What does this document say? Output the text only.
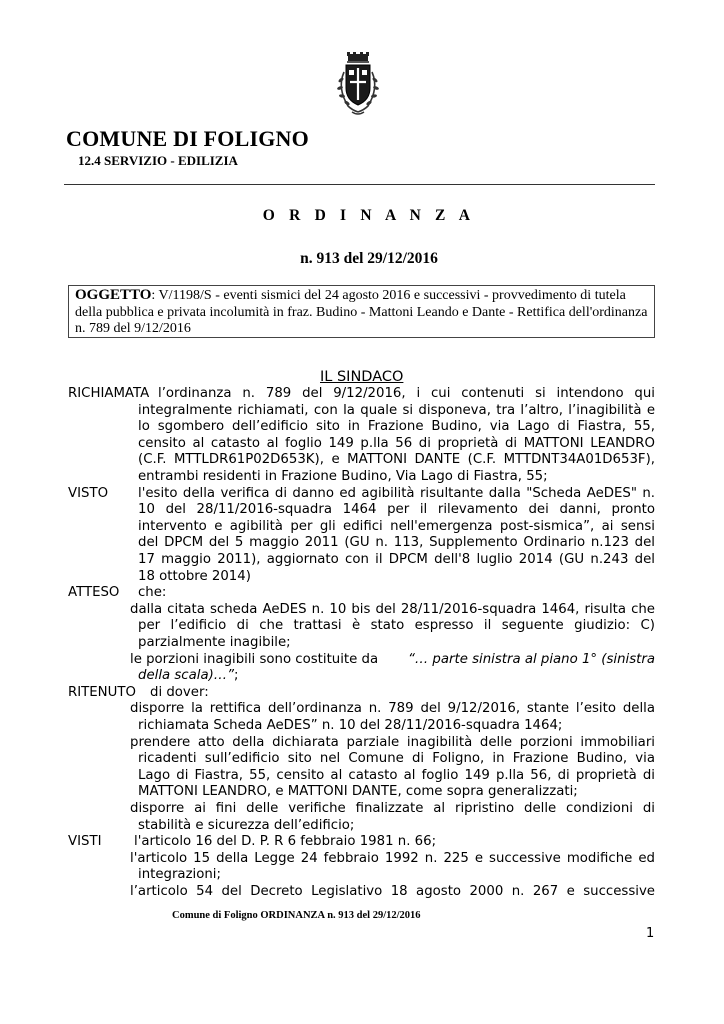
COMUNE DI FOLIGNO
12.4 SERVIZIO - EDILIZIA
O R D I N A N Z A
n. 913 del 29/12/2016
OGGETTO: V/1198/S - eventi sismici del 24 agosto 2016 e successivi - provvedimento di tutela della pubblica e privata incolumità in fraz. Budino - Mattoni Leando e Dante - Rettifica dell'ordinanza n. 789 del 9/12/2016
IL SINDACO
RICHIAMATA l’ordinanza n. 789 del 9/12/2016, i cui contenuti si intendono qui
integralmente richiamati, con la quale si disponeva, tra l’altro, l’inagibilità e
lo sgombero dell’edificio sito in Frazione Budino, via Lago di Fiastra, 55,
censito al catasto al foglio 149 p.lla 56 di proprietà di MATTONI LEANDRO
(C.F. MTTLDR61P02D653K), e MATTONI DANTE (C.F. MTTDNT34A01D653F),
entrambi residenti in Frazione Budino, Via Lago di Fiastra, 55;
VISTO l'esito della verifica di danno ed agibilità risultante dalla "Scheda AeDES" n.
10 del 28/11/2016-squadra 1464 per il rilevamento dei danni, pronto
intervento e agibilità per gli edifici nell'emergenza post-sismica”, ai sensi
del DPCM del 5 maggio 2011 (GU n. 113, Supplemento Ordinario n.123 del
17 maggio 2011), aggiornato con il DPCM dell'8 luglio 2014 (GU n.243 del
18 ottobre 2014)
ATTESO che:
dalla citata scheda AeDES n. 10 bis del 28/11/2016-squadra 1464, risulta che
per l’edificio di che trattasi è stato espresso il seguente giudizio: C)
parzialmente inagibile;
le porzioni inagibili sono costituite da “… parte sinistra al piano 1° (sinistra
della scala)…”;
RITENUTO di dover:
disporre la rettifica dell’ordinanza n. 789 del 9/12/2016, stante l’esito della
richiamata Scheda AeDES” n. 10 del 28/11/2016-squadra 1464;
prendere atto della dichiarata parziale inagibilità delle porzioni immobiliari
ricadenti sull’edificio sito nel Comune di Foligno, in Frazione Budino, via
Lago di Fiastra, 55, censito al catasto al foglio 149 p.lla 56, di proprietà di
MATTONI LEANDRO, e MATTONI DANTE, come sopra generalizzati;
disporre ai fini delle verifiche finalizzate al ripristino delle condizioni di
stabilità e sicurezza dell’edificio;
VISTI l'articolo 16 del D. P. R 6 febbraio 1981 n. 66;
l'articolo 15 della Legge 24 febbraio 1992 n. 225 e successive modifiche ed
integrazioni;
l’articolo 54 del Decreto Legislativo 18 agosto 2000 n. 267 e successive
Comune di Foligno ORDINANZA n. 913 del 29/12/2016
1
